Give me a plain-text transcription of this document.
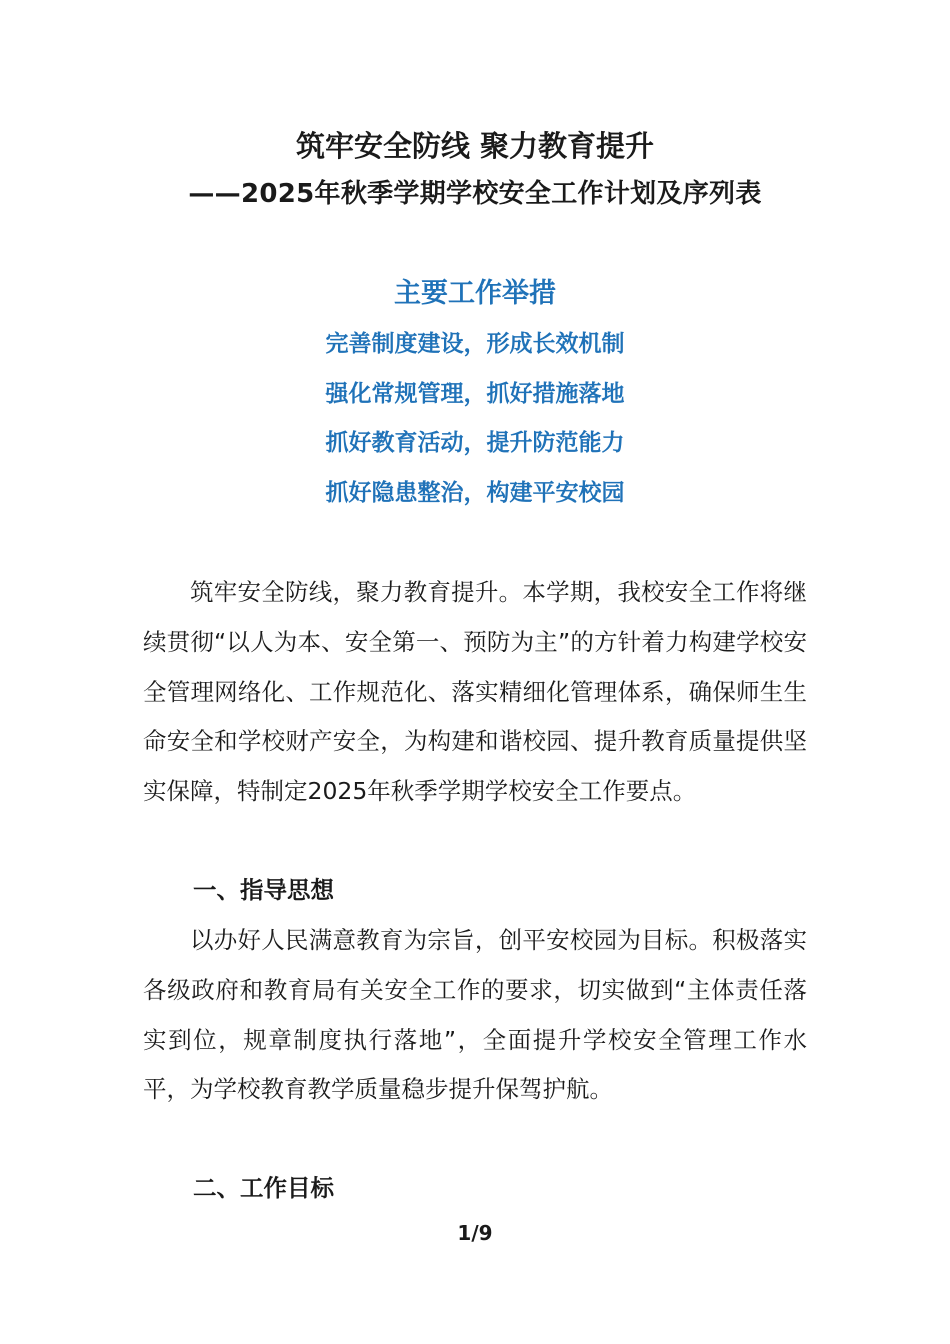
筑牢安全防线 聚力教育提升
——2025年秋季学期学校安全工作计划及序列表
主要工作举措
完善制度建设，形成长效机制
强化常规管理，抓好措施落地
抓好教育活动，提升防范能力
抓好隐患整治，构建平安校园

筑牢安全防线，聚力教育提升。本学期，我校安全工作将继续贯彻“以人为本、安全第一、预防为主”的方针着力构建学校安全管理网络化、工作规范化、落实精细化管理体系，确保师生生命安全和学校财产安全，为构建和谐校园、提升教育质量提供坚实保障，特制定2025年秋季学期学校安全工作要点。

一、指导思想

以办好人民满意教育为宗旨，创平安校园为目标。积极落实各级政府和教育局有关安全工作的要求，切实做到“主体责任落实到位，规章制度执行落地”，全面提升学校安全管理工作水平，为学校教育教学质量稳步提升保驾护航。

二、工作目标
1/9
